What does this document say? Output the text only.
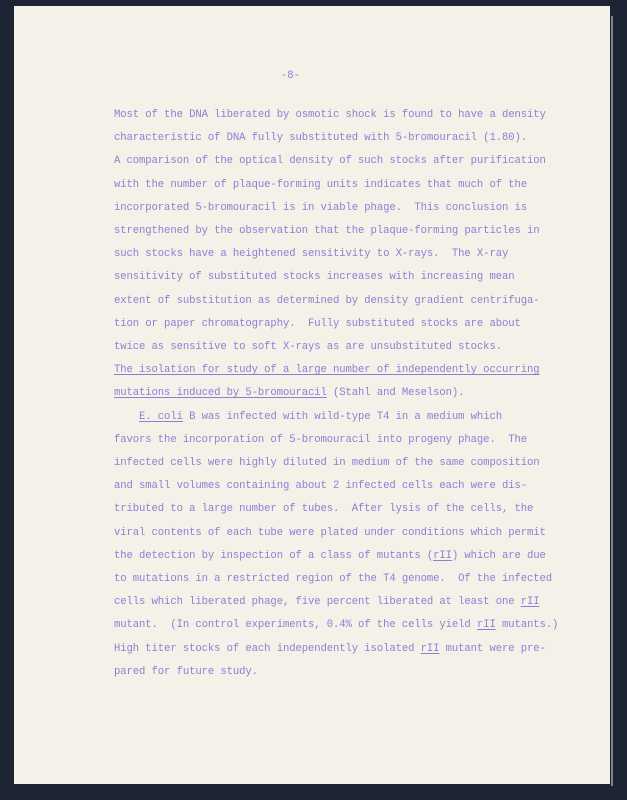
-8-
Most of the DNA liberated by osmotic shock is found to have a density
characteristic of DNA fully substituted with 5-bromouracil (1.80).
A comparison of the optical density of such stocks after purification
with the number of plaque-forming units indicates that much of the
incorporated 5-bromouracil is in viable phage.  This conclusion is
strengthened by the observation that the plaque-forming particles in
such stocks have a heightened sensitivity to X-rays.  The X-ray
sensitivity of substituted stocks increases with increasing mean
extent of substitution as determined by density gradient centrifuga-
tion or paper chromatography.  Fully substituted stocks are about
twice as sensitive to soft X-rays as are unsubstituted stocks.
The isolation for study of a large number of independently occurring
mutations induced by 5-bromouracil (Stahl and Meselson).
E. coli B was infected with wild-type T4 in a medium which
favors the incorporation of 5-bromouracil into progeny phage.  The
infected cells were highly diluted in medium of the same composition
and small volumes containing about 2 infected cells each were dis-
tributed to a large number of tubes.  After lysis of the cells, the
viral contents of each tube were plated under conditions which permit
the detection by inspection of a class of mutants (rII) which are due
to mutations in a restricted region of the T4 genome.  Of the infected
cells which liberated phage, five percent liberated at least one rII
mutant.  (In control experiments, 0.4% of the cells yield rII mutants.)
High titer stocks of each independently isolated rII mutant were pre-
pared for future study.
